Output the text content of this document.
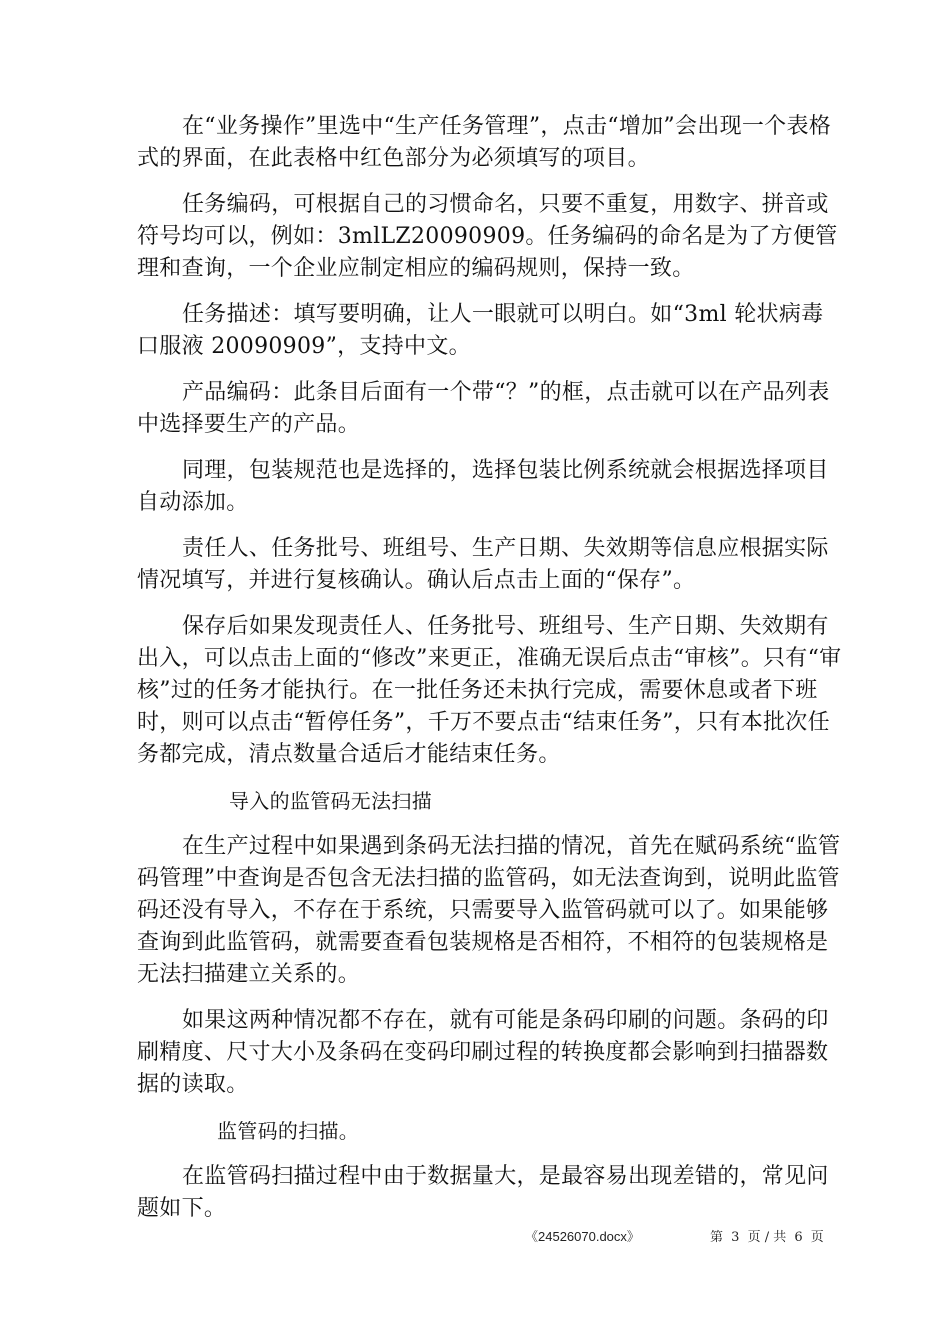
在“业务操作”里选中“生产任务管理”，点击“增加”会出现一个表格式的界面，在此表格中红色部分为必须填写的项目。

任务编码，可根据自己的习惯命名，只要不重复，用数字、拼音或符号均可以，例如：3mlLZ20090909。任务编码的命名是为了方便管理和查询，一个企业应制定相应的编码规则，保持一致。

任务描述：填写要明确，让人一眼就可以明白。如“3ml 轮状病毒口服液 20090909”，支持中文。

产品编码：此条目后面有一个带“？”的框，点击就可以在产品列表中选择要生产的产品。

同理，包装规范也是选择的，选择包装比例系统就会根据选择项目自动添加。

责任人、任务批号、班组号、生产日期、失效期等信息应根据实际情况填写，并进行复核确认。确认后点击上面的“保存”。

保存后如果发现责任人、任务批号、班组号、生产日期、失效期有出入，可以点击上面的“修改”来更正，准确无误后点击“审核”。只有“审核”过的任务才能执行。在一批任务还未执行完成，需要休息或者下班时，则可以点击“暂停任务”，千万不要点击“结束任务”，只有本批次任务都完成，清点数量合适后才能结束任务。

导入的监管码无法扫描

在生产过程中如果遇到条码无法扫描的情况，首先在赋码系统“监管码管理”中查询是否包含无法扫描的监管码，如无法查询到，说明此监管码还没有导入，不存在于系统，只需要导入监管码就可以了。如果能够查询到此监管码，就需要查看包装规格是否相符，不相符的包装规格是无法扫描建立关系的。

如果这两种情况都不存在，就有可能是条码印刷的问题。条码的印刷精度、尺寸大小及条码在变码印刷过程的转换度都会影响到扫描器数据的读取。

监管码的扫描。

在监管码扫描过程中由于数据量大，是最容易出现差错的，常见问题如下。

《24526070.docx》	第 3 页 / 共 6 页
